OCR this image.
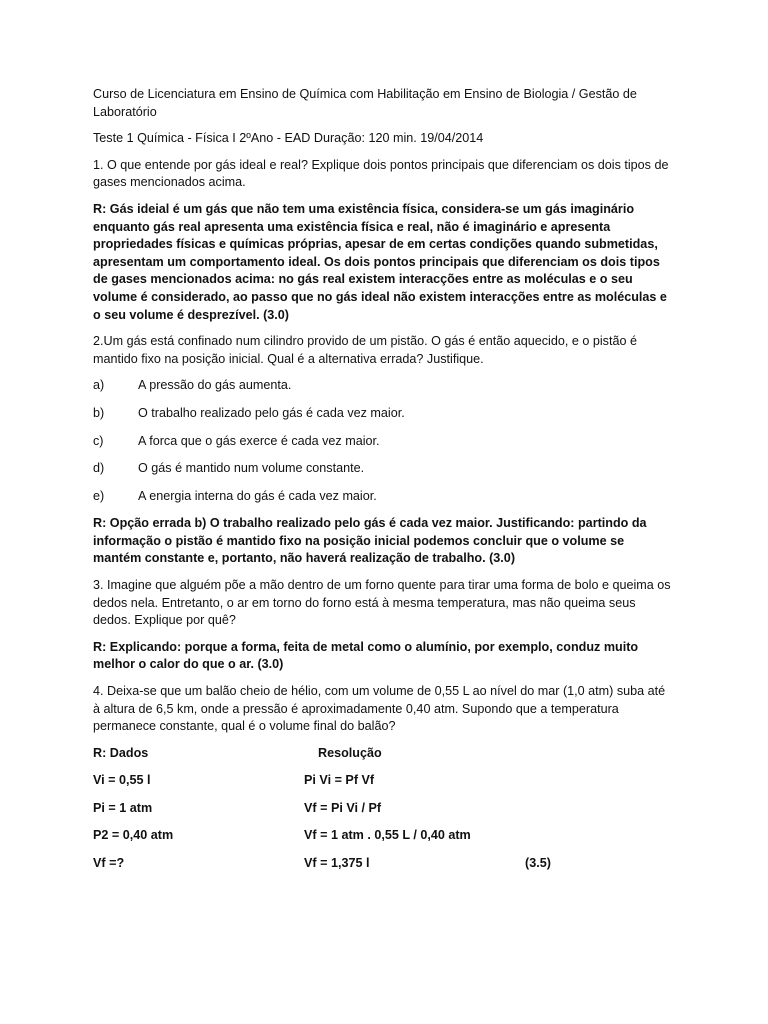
Curso de Licenciatura em Ensino de Química com Habilitação em Ensino de Biologia / Gestão de Laboratório

Teste 1 Química - Física I 2ºAno - EAD Duração: 120 min. 19/04/2014

1. O que entende por gás ideal e real? Explique dois pontos principais que diferenciam os dois tipos de gases mencionados acima.

R: Gás ideial é um gás que não tem uma existência física, considera-se um gás imaginário enquanto gás real apresenta uma existência física e real, não é imaginário e apresenta propriedades físicas e químicas próprias, apesar de em certas condições quando submetidas, apresentam um comportamento ideal. Os dois pontos principais que diferenciam os dois tipos de gases mencionados acima: no gás real existem interacções entre as moléculas e o seu volume é considerado, ao passo que no gás ideal não existem interacções entre as moléculas e o seu volume é desprezível. (3.0)

2.Um gás está confinado num cilindro provido de um pistão. O gás é então aquecido, e o pistão é mantido fixo na posição inicial. Qual é a alternativa errada? Justifique.

a)	A pressão do gás aumenta.
b)	O trabalho realizado pelo gás é cada vez maior.
c)	A forca que o gás exerce é cada vez maior.
d)	O gás é mantido num volume constante.
e)	A energia interna do gás é cada vez maior.

R: Opção errada b) O trabalho realizado pelo gás é cada vez maior. Justificando: partindo da informação o pistão é mantido fixo na posição inicial podemos concluir que o volume se mantém constante e, portanto, não haverá realização de trabalho. (3.0)

3. Imagine que alguém põe a mão dentro de um forno quente para tirar uma forma de bolo e queima os dedos nela. Entretanto, o ar em torno do forno está à mesma temperatura, mas não queima seus dedos. Explique por quê?

R: Explicando: porque a forma, feita de metal como o alumínio, por exemplo, conduz muito melhor o calor do que o ar. (3.0)

4. Deixa-se que um balão cheio de hélio, com um volume de 0,55 L ao nível do mar (1,0 atm) suba até à altura de 6,5 km, onde a pressão é aproximadamente 0,40 atm. Supondo que a temperatura permanece constante, qual é o volume final do balão?

R: Dados	Resolução
Vi = 0,55 l	Pi Vi = Pf Vf
Pi = 1 atm	Vf = Pi Vi / Pf
P2 = 0,40 atm	Vf = 1 atm . 0,55 L / 0,40 atm
Vf =?	Vf = 1,375 l	(3.5)
